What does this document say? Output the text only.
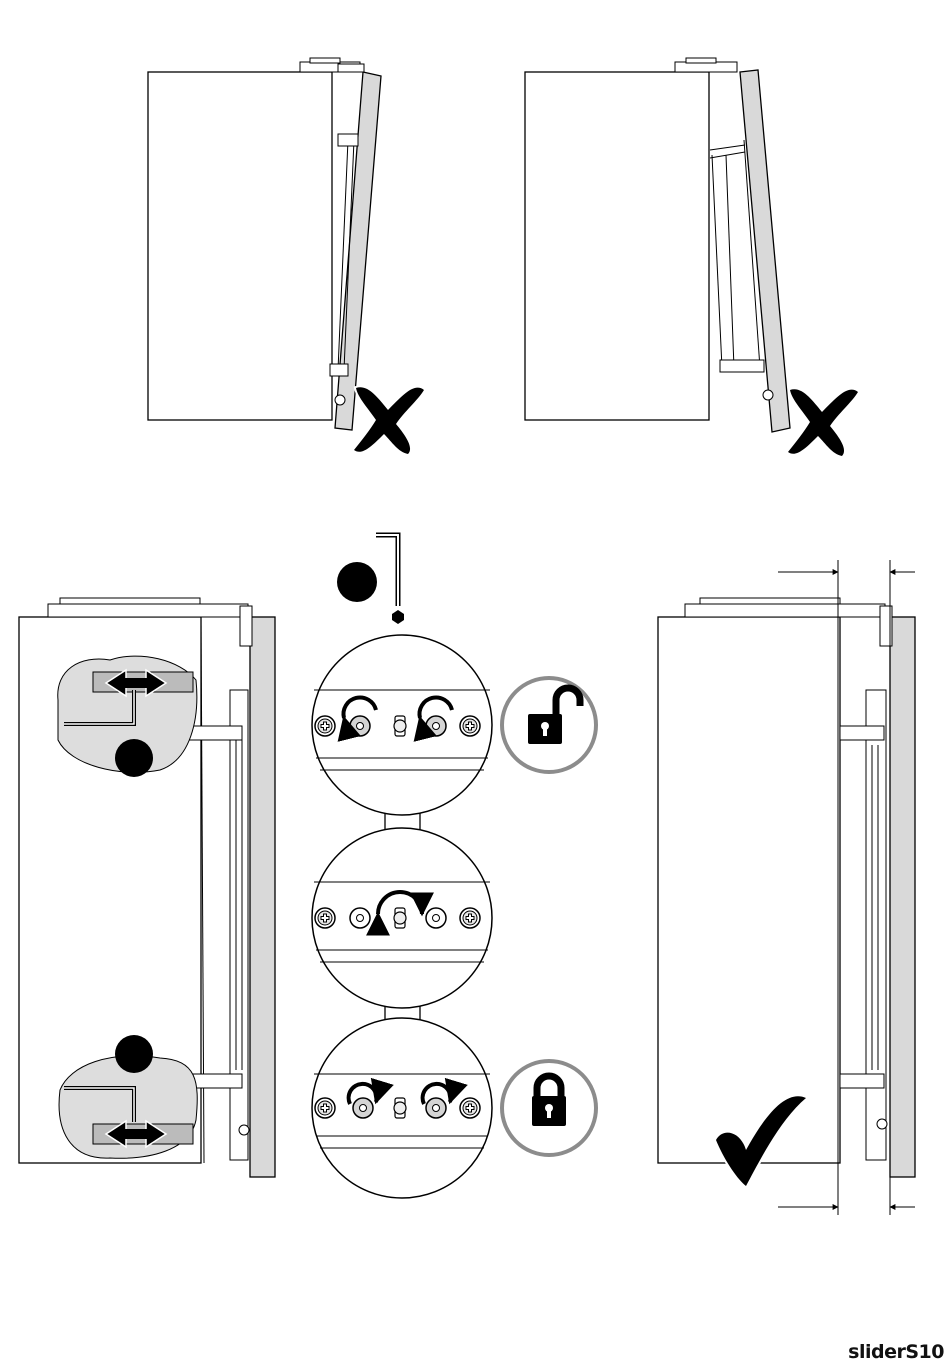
sliderS10
